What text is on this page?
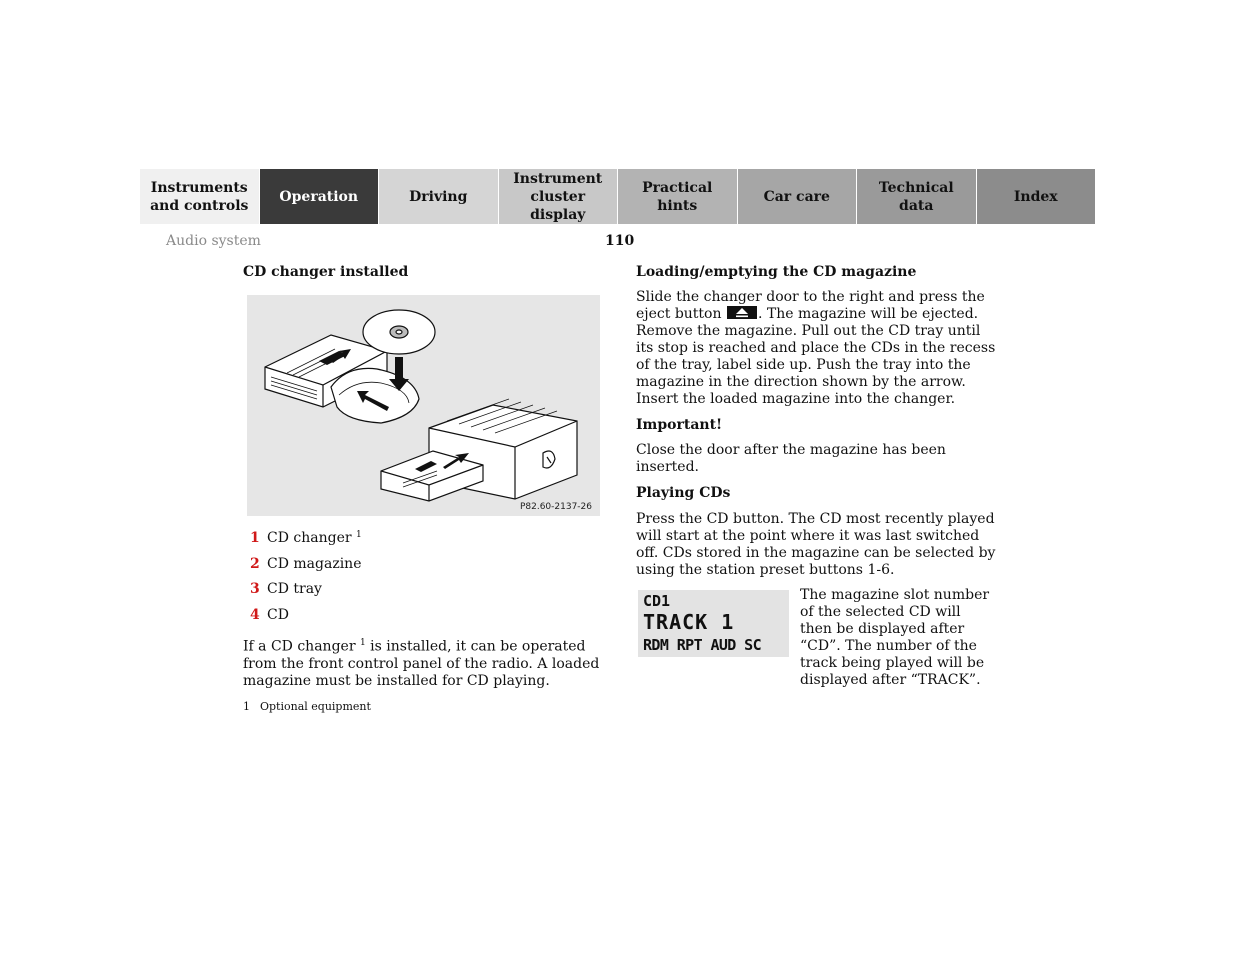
Instruments
and controls
Operation	Driving
Instrument
cluster display
Practical hints
Car care
Technical
data
Index
Audio system	110
CD changer installed
P82.60-2137-26
1 CD changer
$^1$
2 CD magazine
3 CD tray
4 CD

If a CD changer $^1$ is installed, it can be operated from the front control panel of the radio. A loaded magazine must be installed for CD playing.

1 Optional equipment
Loading/emptying the CD magazine

Slide the changer door to the right and press the eject button
. The magazine will be ejected. Remove the magazine. Pull out the CD tray until its stop is reached and place the CDs in the recess of the tray, label side up. Push the tray into the magazine in the direction shown by the arrow. Insert the loaded magazine into the changer.

Important!

Close the door after the magazine has been inserted.

Playing CDs

Press the CD button. The CD most recently played will start at the point where it was last switched off. CDs stored in the magazine can be selected by using the station preset buttons 1-6.

CD1
TRACK 1
RDM RPT AUD SC

The magazine slot number of the selected CD will then be displayed after “CD”. The number of the track being played will be displayed after “TRACK”.
